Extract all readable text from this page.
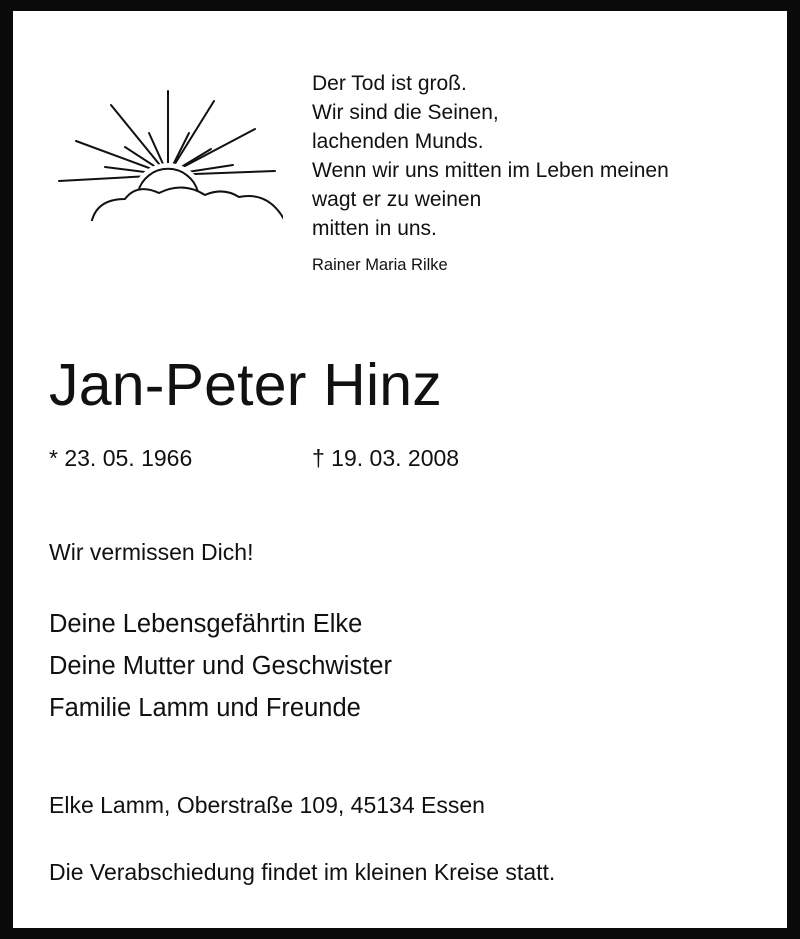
Der Tod ist groß.
Wir sind die Seinen,
lachenden Munds.
Wenn wir uns mitten im Leben meinen
wagt er zu weinen
mitten in uns.
Rainer Maria Rilke
Jan-Peter Hinz
* 23. 05. 1966	† 19. 03. 2008
Wir vermissen Dich!
Deine Lebensgefährtin Elke
Deine Mutter und Geschwister
Familie Lamm und Freunde
Elke Lamm, Oberstraße 109, 45134 Essen
Die Verabschiedung findet im kleinen Kreise statt.
